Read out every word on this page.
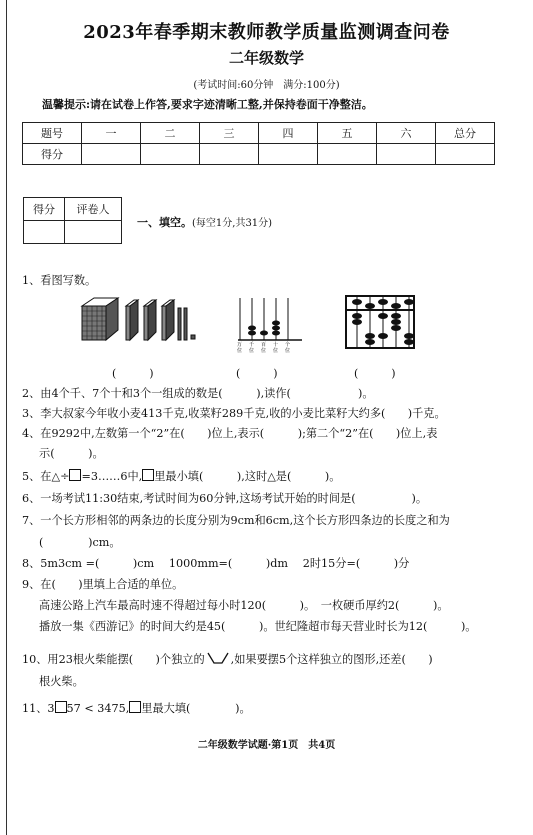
2023年春季期末教师教学质量监测调查问卷
二年级数学
(考试时间:60分钟　满分:100分)
温馨提示:请在试卷上作答,要求字迹清晰工整,并保持卷面干净整洁。
题号	一	二	三	四	五	六	总分
得分							
得分	评卷人

一、填空。(每空1分,共31分)
1、看图写数。
万 千 百 十 个
位 位 位 位 位
(　　　)	(　　　)	(　　　)
2、由4个千、7个十和3个一组成的数是(　　　),读作(　　　　　　)。
3、李大叔家今年收小麦413千克,收菜籽289千克,收的小麦比菜籽大约多(　　)千克。
4、在9292中,左数第一个“2”在(　　)位上,表示(　　　);第二个“2”在(　　)位上,表
示(　　　)。
5、在△÷ =3……6中, 里最小填(　　　),这时△是(　　　)。
6、一场考试11:30结束,考试时间为60分钟,这场考试开始的时间是(　　　　　)。
7、一个长方形相邻的两条边的长度分别为9cm和6cm,这个长方形四条边的长度之和为
(　　　　)cm。
8、5m3cm =(　　　)cm　 1000mm=(　　　)dm　 2时15分=(　　　)分
9、在(　　)里填上合适的单位。
高速公路上汽车最高时速不得超过每小时120(　　　)。　一枚硬币厚约2(　　　)。
播放一集《西游记》的时间大约是45(　　　)。世纪隆超市每天营业时长为12(　　　)。
10、用23根火柴能摆(　　)个独立的 ,如果要摆5个这样独立的图形,还差(　　)
根火柴。
11、3 57 < 3475, 里最大填(　　　　)。
二年级数学试题·第1页　共4页
